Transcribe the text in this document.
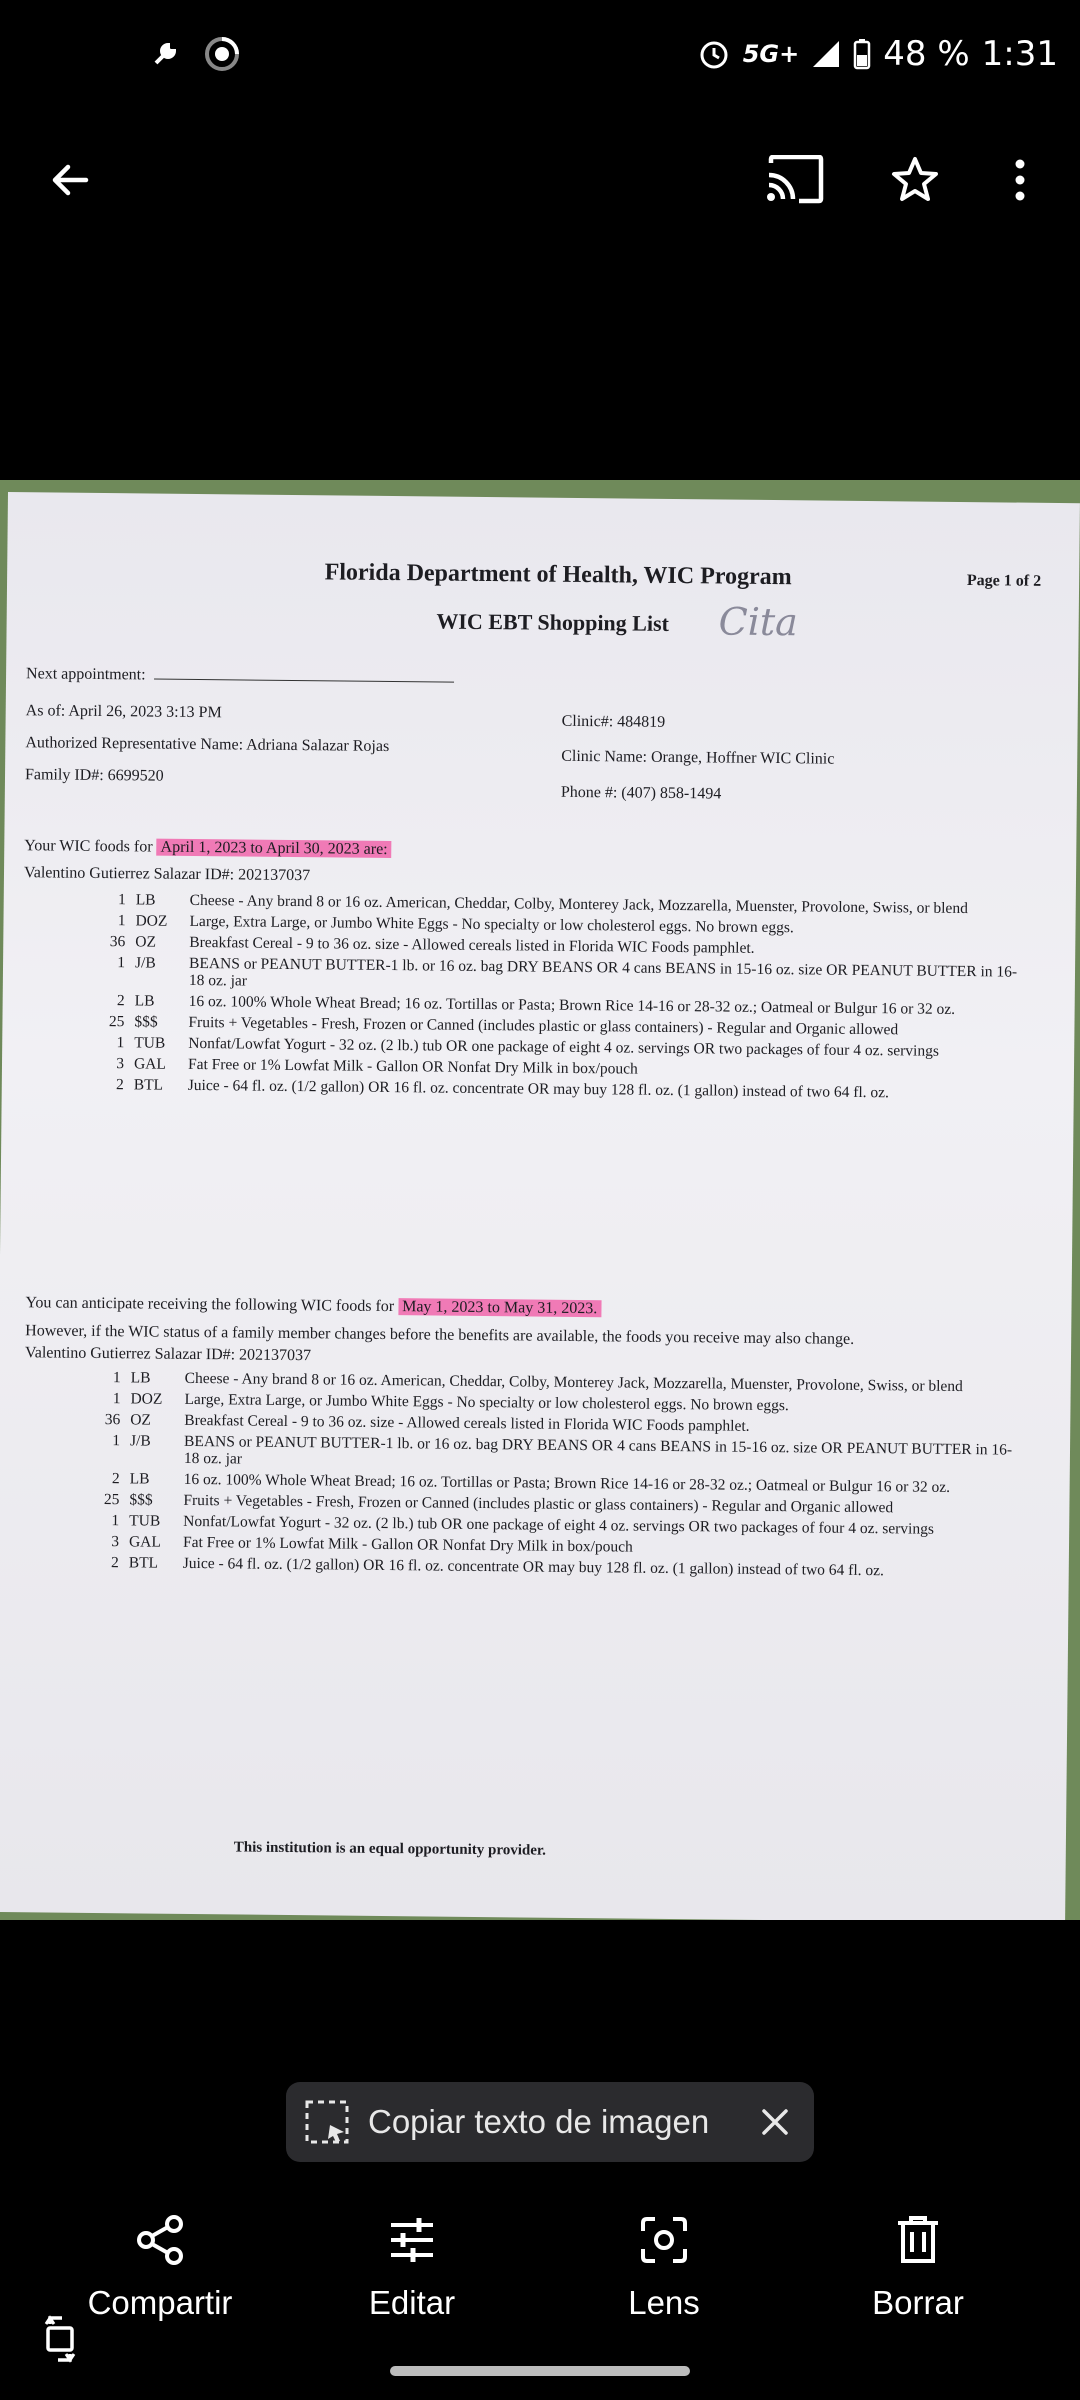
5G+ 48 % 1:31
Florida Department of Health, WIC Program	Page 1 of 2
WIC EBT Shopping List	Cita
Next appointment:
As of: April 26, 2023 3:13 PM
Authorized Representative Name: Adriana Salazar Rojas
Family ID#: 6699520
Clinic#: 484819
Clinic Name: Orange, Hoffner WIC Clinic
Phone #: (407) 858-1494
Your WIC foods for April 1, 2023 to April 30, 2023 are:
Valentino Gutierrez Salazar ID#: 202137037
1 LB	Cheese - Any brand 8 or 16 oz. American, Cheddar, Colby, Monterey Jack, Mozzarella, Muenster, Provolone, Swiss, or blend
1 DOZ	Large, Extra Large, or Jumbo White Eggs - No specialty or low cholesterol eggs. No brown eggs.
36 OZ	Breakfast Cereal - 9 to 36 oz. size - Allowed cereals listed in Florida WIC Foods pamphlet.
1 J/B	BEANS or PEANUT BUTTER-1 lb. or 16 oz. bag DRY BEANS OR 4 cans BEANS in 15-16 oz. size OR PEANUT BUTTER in 16-18 oz. jar
2 LB	16 oz. 100% Whole Wheat Bread; 16 oz. Tortillas or Pasta; Brown Rice 14-16 or 28-32 oz.; Oatmeal or Bulgur 16 or 32 oz.
25 $$$	Fruits + Vegetables - Fresh, Frozen or Canned (includes plastic or glass containers) - Regular and Organic allowed
1 TUB	Nonfat/Lowfat Yogurt - 32 oz. (2 lb.) tub OR one package of eight 4 oz. servings OR two packages of four 4 oz. servings
3 GAL	Fat Free or 1% Lowfat Milk - Gallon OR Nonfat Dry Milk in box/pouch
2 BTL	Juice - 64 fl. oz. (1/2 gallon) OR 16 fl. oz. concentrate OR may buy 128 fl. oz. (1 gallon) instead of two 64 fl. oz.
You can anticipate receiving the following WIC foods for May 1, 2023 to May 31, 2023.
However, if the WIC status of a family member changes before the benefits are available, the foods you receive may also change.
Valentino Gutierrez Salazar ID#: 202137037
1 LB	Cheese - Any brand 8 or 16 oz. American, Cheddar, Colby, Monterey Jack, Mozzarella, Muenster, Provolone, Swiss, or blend
1 DOZ	Large, Extra Large, or Jumbo White Eggs - No specialty or low cholesterol eggs. No brown eggs.
36 OZ	Breakfast Cereal - 9 to 36 oz. size - Allowed cereals listed in Florida WIC Foods pamphlet.
1 J/B	BEANS or PEANUT BUTTER-1 lb. or 16 oz. bag DRY BEANS OR 4 cans BEANS in 15-16 oz. size OR PEANUT BUTTER in 16-18 oz. jar
2 LB	16 oz. 100% Whole Wheat Bread; 16 oz. Tortillas or Pasta; Brown Rice 14-16 or 28-32 oz.; Oatmeal or Bulgur 16 or 32 oz.
25 $$$	Fruits + Vegetables - Fresh, Frozen or Canned (includes plastic or glass containers) - Regular and Organic allowed
1 TUB	Nonfat/Lowfat Yogurt - 32 oz. (2 lb.) tub OR one package of eight 4 oz. servings OR two packages of four 4 oz. servings
3 GAL	Fat Free or 1% Lowfat Milk - Gallon OR Nonfat Dry Milk in box/pouch
2 BTL	Juice - 64 fl. oz. (1/2 gallon) OR 16 fl. oz. concentrate OR may buy 128 fl. oz. (1 gallon) instead of two 64 fl. oz.
This institution is an equal opportunity provider.
Copiar texto de imagen
Compartir	Editar	Lens	Borrar
